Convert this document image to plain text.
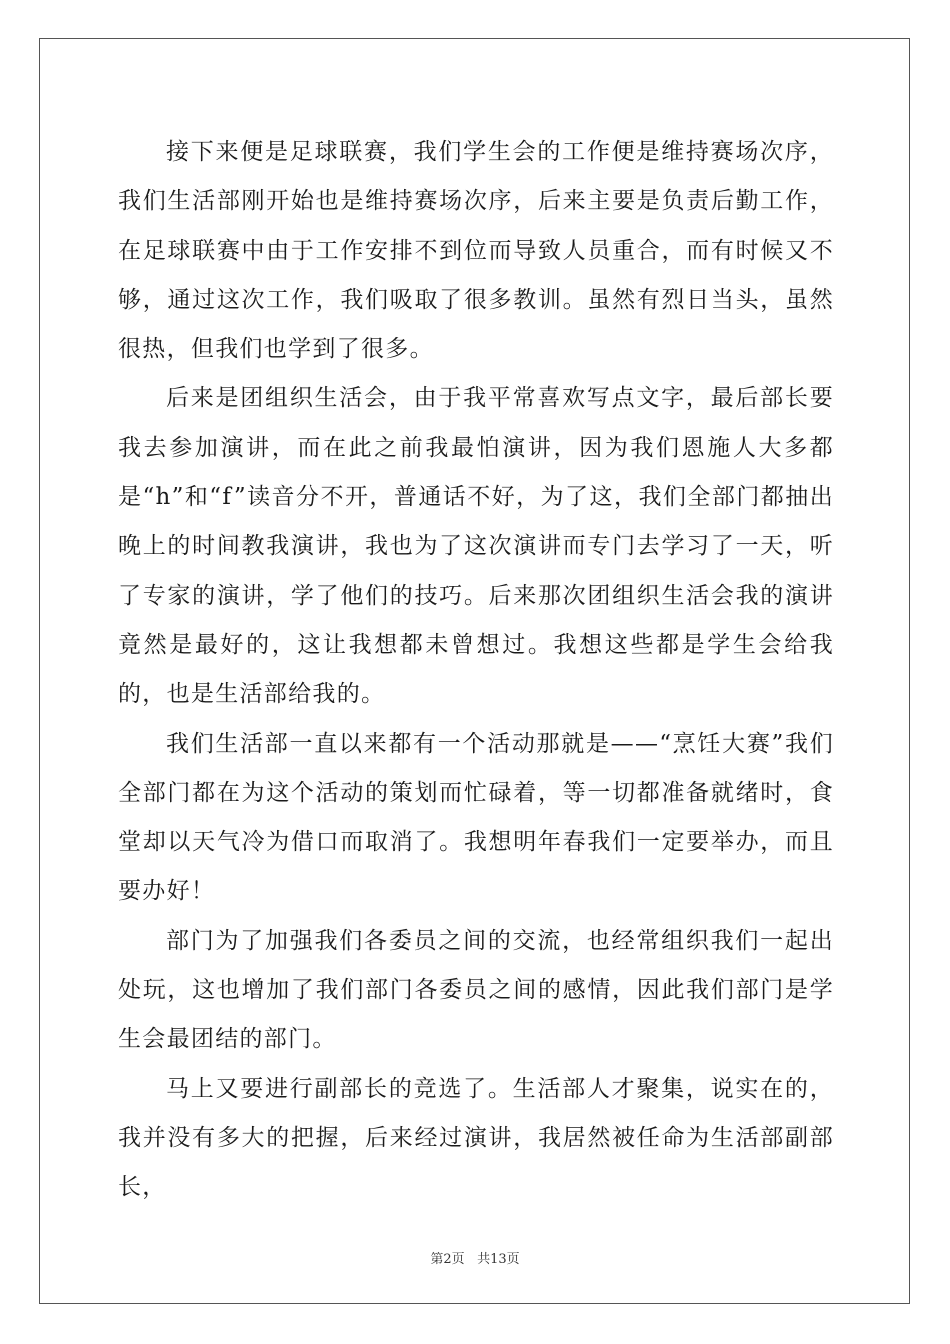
接下来便是足球联赛，我们学生会的工作便是维持赛场次序，我们生活部刚开始也是维持赛场次序，后来主要是负责后勤工作，在足球联赛中由于工作安排不到位而导致人员重合，而有时候又不够，通过这次工作，我们吸取了很多教训。虽然有烈日当头，虽然很热，但我们也学到了很多。

后来是团组织生活会，由于我平常喜欢写点文字，最后部长要我去参加演讲，而在此之前我最怕演讲，因为我们恩施人大多都是“h”和“f”读音分不开，普通话不好，为了这，我们全部门都抽出晚上的时间教我演讲，我也为了这次演讲而专门去学习了一天，听了专家的演讲，学了他们的技巧。后来那次团组织生活会我的演讲竟然是最好的，这让我想都未曾想过。我想这些都是学生会给我的，也是生活部给我的。

我们生活部一直以来都有一个活动那就是——“烹饪大赛”我们全部门都在为这个活动的策划而忙碌着，等一切都准备就绪时，食堂却以天气冷为借口而取消了。我想明年春我们一定要举办，而且要办好！

部门为了加强我们各委员之间的交流，也经常组织我们一起出处玩，这也增加了我们部门各委员之间的感情，因此我们部门是学生会最团结的部门。

马上又要进行副部长的竞选了。生活部人才聚集，说实在的，我并没有多大的把握，后来经过演讲，我居然被任命为生活部副部长，

第2页 共13页
